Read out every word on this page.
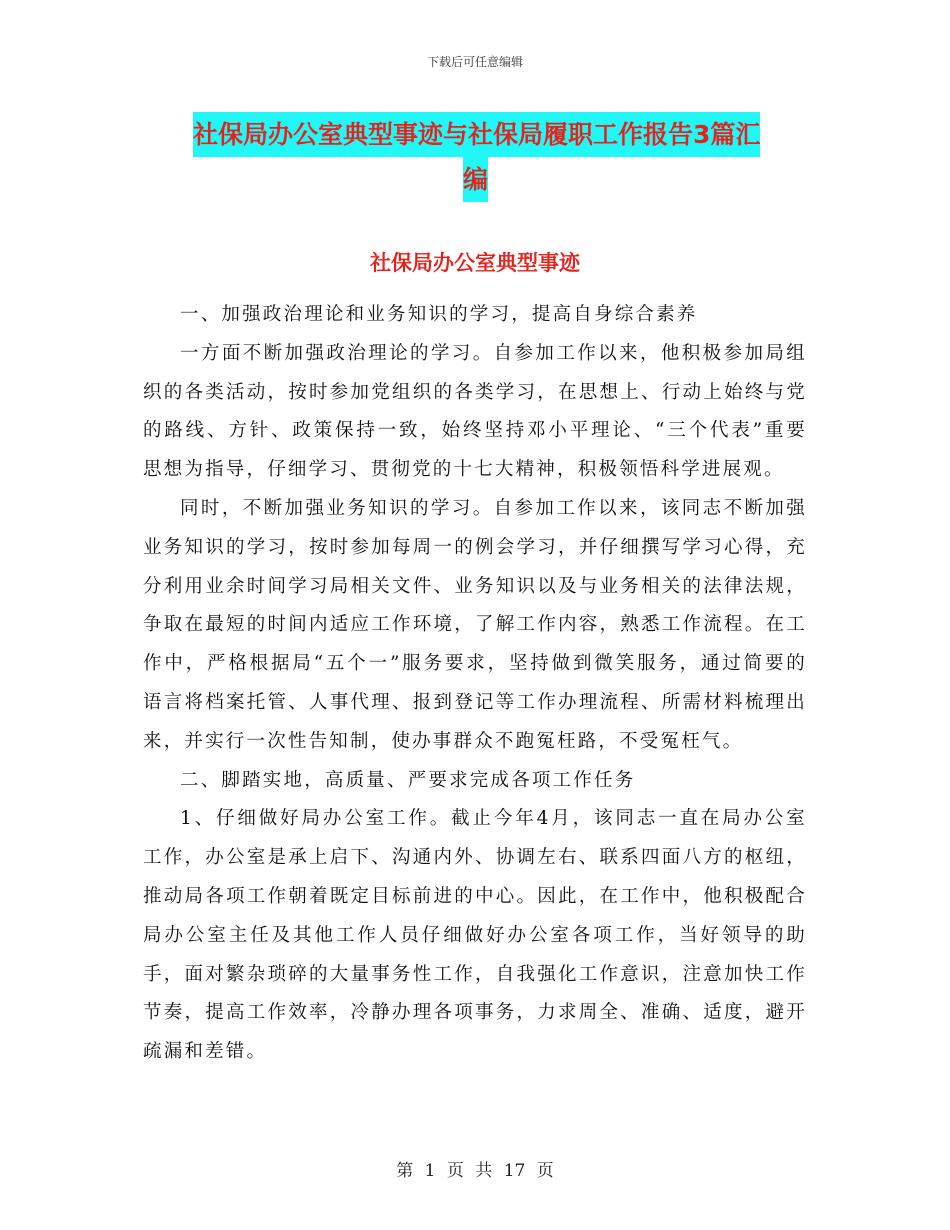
下载后可任意编辑
社保局办公室典型事迹与社保局履职工作报告3篇汇
编
社保局办公室典型事迹

一、加强政治理论和业务知识的学习，提高自身综合素养

一方面不断加强政治理论的学习。自参加工作以来，他积极参加局组织的各类活动，按时参加党组织的各类学习，在思想上、行动上始终与党的路线、方针、政策保持一致，始终坚持邓小平理论、“三个代表”重要思想为指导，仔细学习、贯彻党的十七大精神，积极领悟科学进展观。

同时，不断加强业务知识的学习。自参加工作以来，该同志不断加强业务知识的学习，按时参加每周一的例会学习，并仔细撰写学习心得，充分利用业余时间学习局相关文件、业务知识以及与业务相关的法律法规，争取在最短的时间内适应工作环境，了解工作内容，熟悉工作流程。在工作中，严格根据局“五个一”服务要求，坚持做到微笑服务，通过简要的语言将档案托管、人事代理、报到登记等工作办理流程、所需材料梳理出来，并实行一次性告知制，使办事群众不跑冤枉路，不受冤枉气。

二、脚踏实地，高质量、严要求完成各项工作任务

1、仔细做好局办公室工作。截止今年4月，该同志一直在局办公室工作，办公室是承上启下、沟通内外、协调左右、联系四面八方的枢纽，推动局各项工作朝着既定目标前进的中心。因此，在工作中，他积极配合局办公室主任及其他工作人员仔细做好办公室各项工作，当好领导的助手，面对繁杂琐碎的大量事务性工作，自我强化工作意识，注意加快工作节奏，提高工作效率，冷静办理各项事务，力求周全、准确、适度，避开疏漏和差错。

第 1 页 共 17 页
